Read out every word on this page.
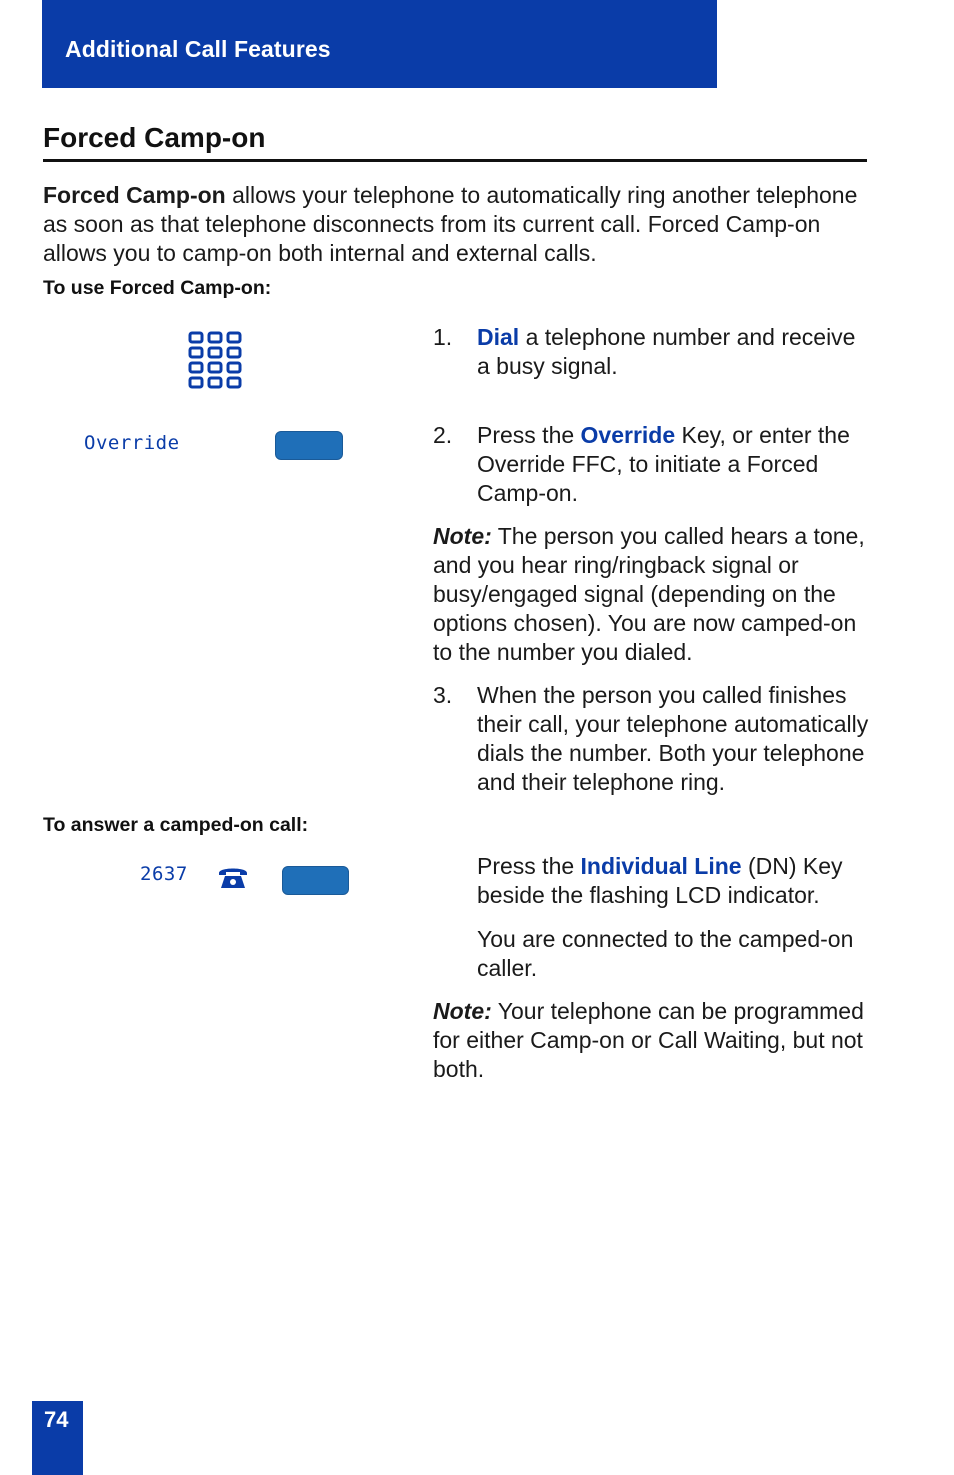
Additional Call Features
Forced Camp-on

Forced Camp-on allows your telephone to automatically ring another telephone as soon as that telephone disconnects from its current call. Forced Camp-on allows you to camp-on both internal and external calls.

To use Forced Camp-on:
1. Dial a telephone number and receive a busy signal.
Override	2. Press the Override Key, or enter the Override FFC, to initiate a Forced Camp-on.

Note: The person you called hears a tone, and you hear ring/ringback signal or busy/engaged signal (depending on the options chosen). You are now camped-on to the number you dialed.

3. When the person you called finishes their call, your telephone automatically dials the number. Both your telephone and their telephone ring.
To answer a camped-on call:
2637	Press the Individual Line (DN) Key beside the flashing LCD indicator.

You are connected to the camped-on caller.

Note: Your telephone can be programmed for either Camp-on or Call Waiting, but not both.

74
